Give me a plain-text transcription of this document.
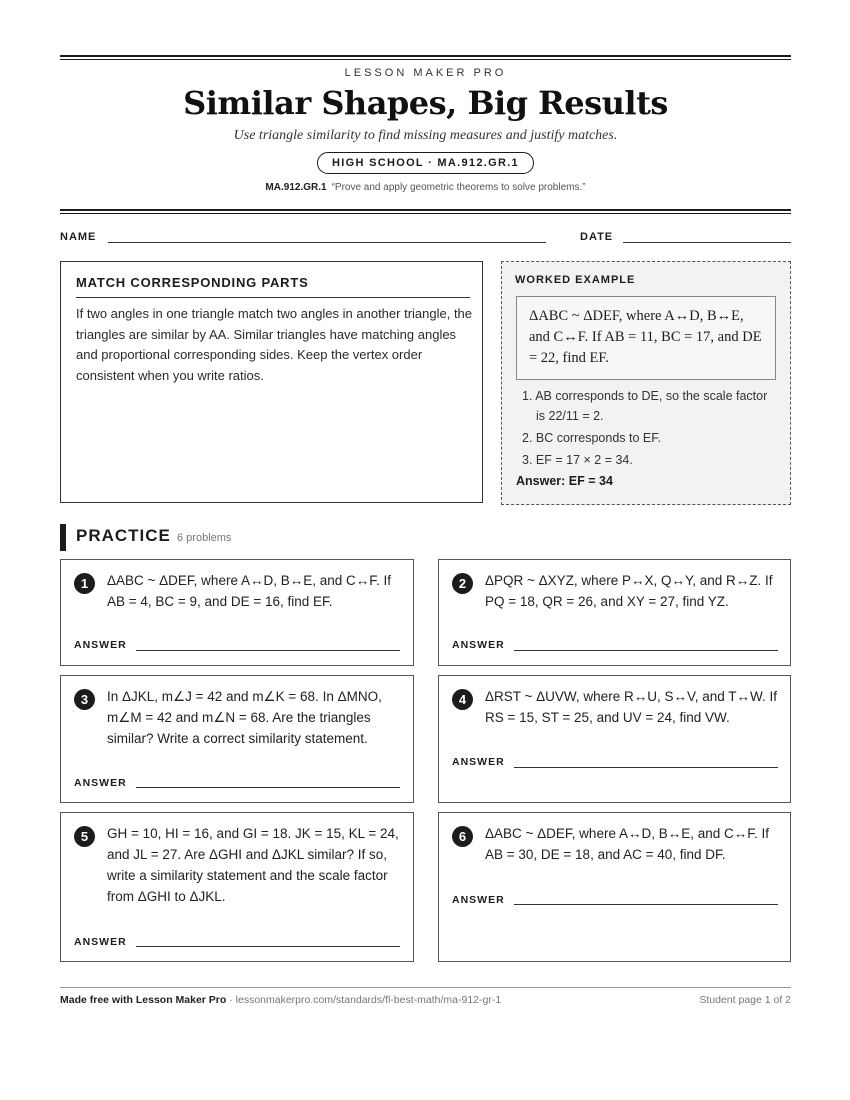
LESSON MAKER PRO
Similar Shapes, Big Results
Use triangle similarity to find missing measures and justify matches.
HIGH SCHOOL · MA.912.GR.1
MA.912.GR.1 “Prove and apply geometric theorems to solve problems.”
NAME	DATE
MATCH CORRESPONDING PARTS

If two angles in one triangle match two angles in another triangle, the triangles are similar by AA. Similar triangles have matching angles and proportional corresponding sides. Keep the vertex order consistent when you write ratios.

WORKED EXAMPLE
ΔABC ~ ΔDEF, where A↔D, B↔E, and C↔F. If AB = 11, BC = 17, and DE = 22, find EF.
1. AB corresponds to DE, so the scale factor is 22/11 = 2.
2. BC corresponds to EF.
3. EF = 17 × 2 = 34.
Answer: EF = 34
PRACTICE 6 problems
1	ΔABC ~ ΔDEF, where A↔D, B↔E, and C↔F. If AB = 4, BC = 9, and DE = 16, find EF.
ANSWER
2	ΔPQR ~ ΔXYZ, where P↔X, Q↔Y, and R↔Z. If PQ = 18, QR = 26, and XY = 27, find YZ.
ANSWER
3	In ΔJKL, m∠J = 42 and m∠K = 68. In ΔMNO, m∠M = 42 and m∠N = 68. Are the triangles similar? Write a correct similarity statement.
ANSWER
4	ΔRST ~ ΔUVW, where R↔U, S↔V, and T↔W. If RS = 15, ST = 25, and UV = 24, find VW.
ANSWER
5	GH = 10, HI = 16, and GI = 18. JK = 15, KL = 24, and JL = 27. Are ΔGHI and ΔJKL similar? If so, write a similarity statement and the scale factor from ΔGHI to ΔJKL.
ANSWER
6	ΔABC ~ ΔDEF, where A↔D, B↔E, and C↔F. If AB = 30, DE = 18, and AC = 40, find DF.
ANSWER
Made free with Lesson Maker Pro · lessonmakerpro.com/standards/fl-best-math/ma-912-gr-1	Student page 1 of 2
